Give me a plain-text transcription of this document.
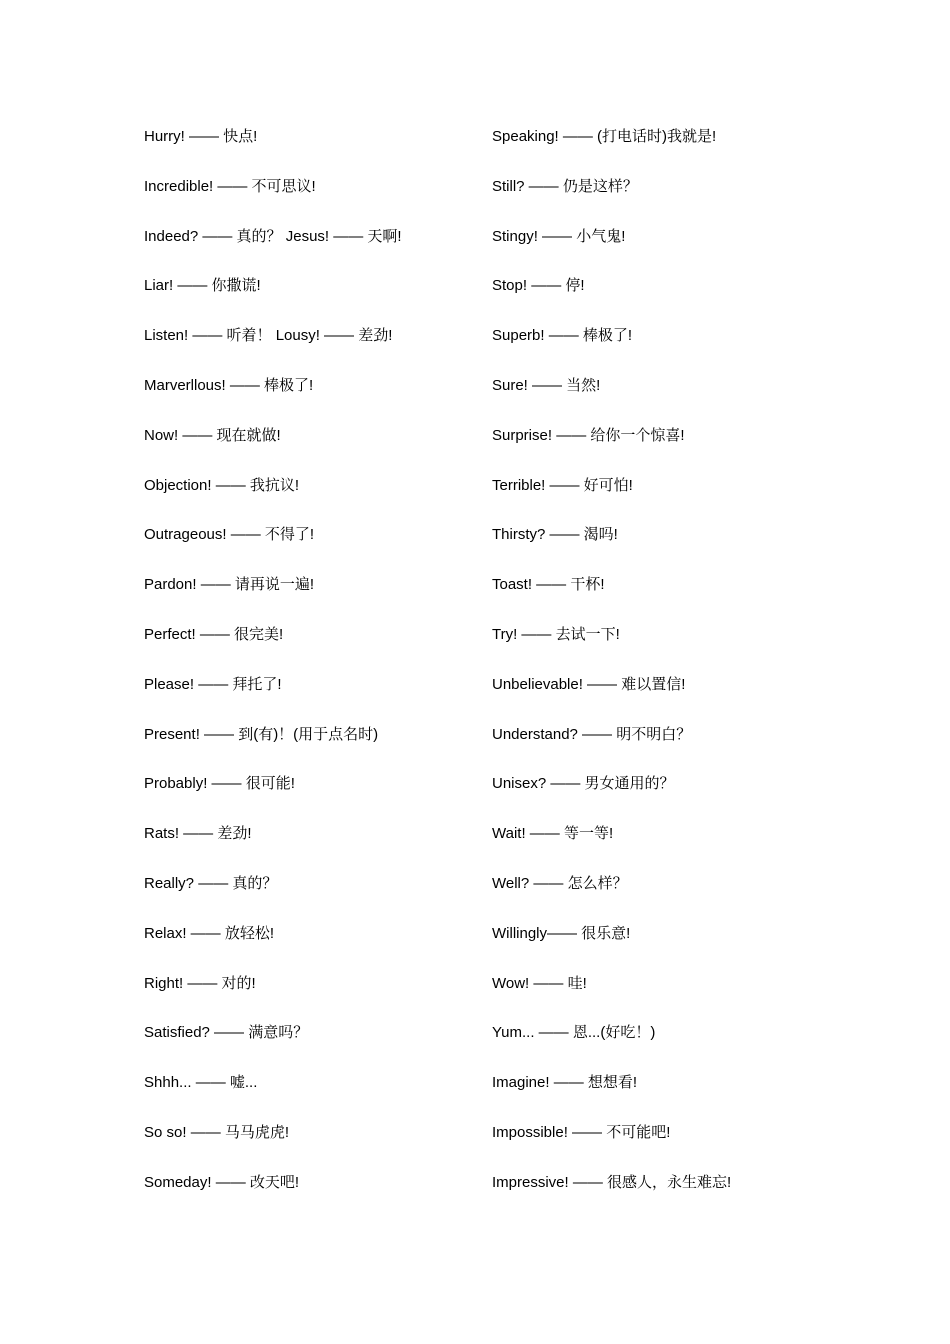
Hurry! —— 快点!
Incredible! —— 不可思议!
Indeed? —— 真的？ Jesus! —— 天啊!
Liar! —— 你撒谎!
Listen! —— 听着！ Lousy! —— 差劲!
Marverllous! —— 棒极了!
Now! —— 现在就做!
Objection! —— 我抗议!
Outrageous! —— 不得了!
Pardon! —— 请再说一遍!
Perfect! —— 很完美!
Please! —— 拜托了!
Present! —— 到(有)！(用于点名时)
Probably! —— 很可能!
Rats! —— 差劲!
Really? —— 真的？
Relax! —— 放轻松!
Right! —— 对的!
Satisfied? —— 满意吗？
Shhh... —— 嘘...
So so! —— 马马虎虎!
Someday! —— 改天吧!
Speaking! —— (打电话时)我就是!
Still? —— 仍是这样？
Stingy! —— 小气鬼!
Stop! —— 停!
Superb! —— 棒极了!
Sure! —— 当然!
Surprise! —— 给你一个惊喜!
Terrible! —— 好可怕!
Thirsty? —— 渴吗!
Toast! —— 干杯!
Try! —— 去试一下!
Unbelievable! —— 难以置信!
Understand? —— 明不明白？
Unisex? —— 男女通用的？
Wait! —— 等一等!
Well? —— 怎么样？
Willingly—— 很乐意!
Wow! —— 哇!
Yum... —— 恩...(好吃！)
Imagine! —— 想想看!
Impossible! —— 不可能吧!
Impressive! —— 很感人，永生难忘!
